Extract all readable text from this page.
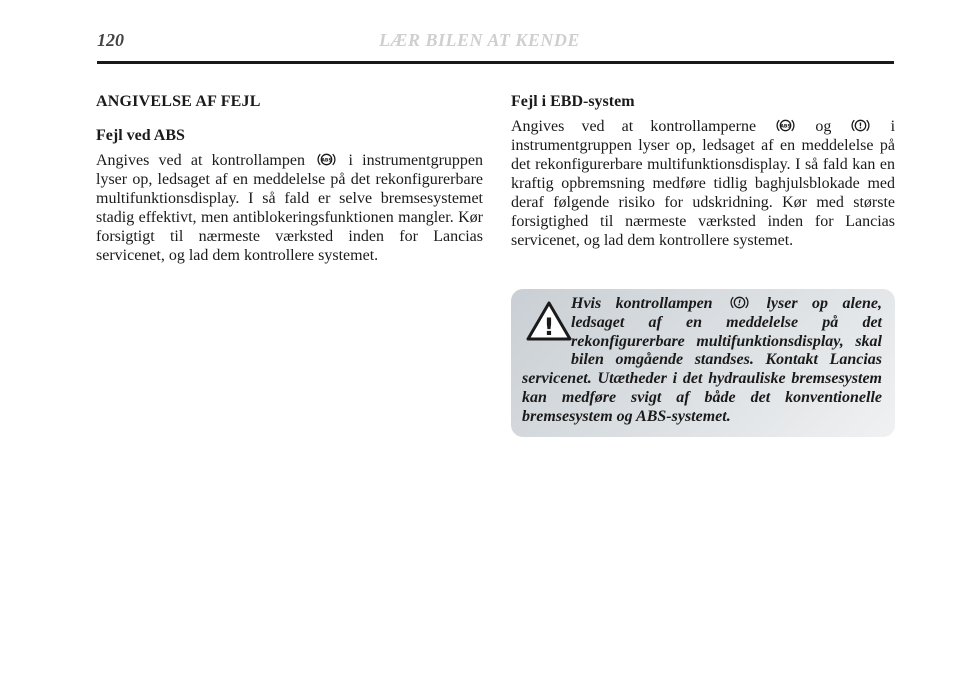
120	LÆR BILEN AT KENDE
ANGIVELSE AF FEJL
Fejl ved ABS

Angives ved at kontrollampen	ABS i instrumentgruppen lyser op, ledsaget af en meddelelse på det rekonfigurerbare multifunktionsdisplay. I så fald er selve bremsesystemet stadig effektivt, men antiblokeringsfunktionen mangler. Kør forsigtigt til nærmeste værksted inden for Lancias servicenet, og lad dem kontrollere systemet.

Fejl i EBD-system

Angives ved at kontrollamperne	ABS og	! i instrumentgruppen lyser op, ledsaget af en meddelelse på det rekonfigurerbare multifunktionsdisplay. I så fald kan en kraftig opbremsning medføre tidlig baghjulsblokade med deraf følgende risiko for udskridning. Kør med største forsigtighed til nærmeste værksted inden for Lancias servicenet, og lad dem kontrollere systemet.

!
Hvis kontrollampen	! lyser op alene, ledsaget af en meddelelse på det rekonfigurerbare multifunktionsdisplay, skal bilen omgående standses. Kontakt Lancias servicenet. Utætheder i det hydrauliske bremsesystem kan medføre svigt af både det konventionelle bremsesystem og ABS-systemet.
